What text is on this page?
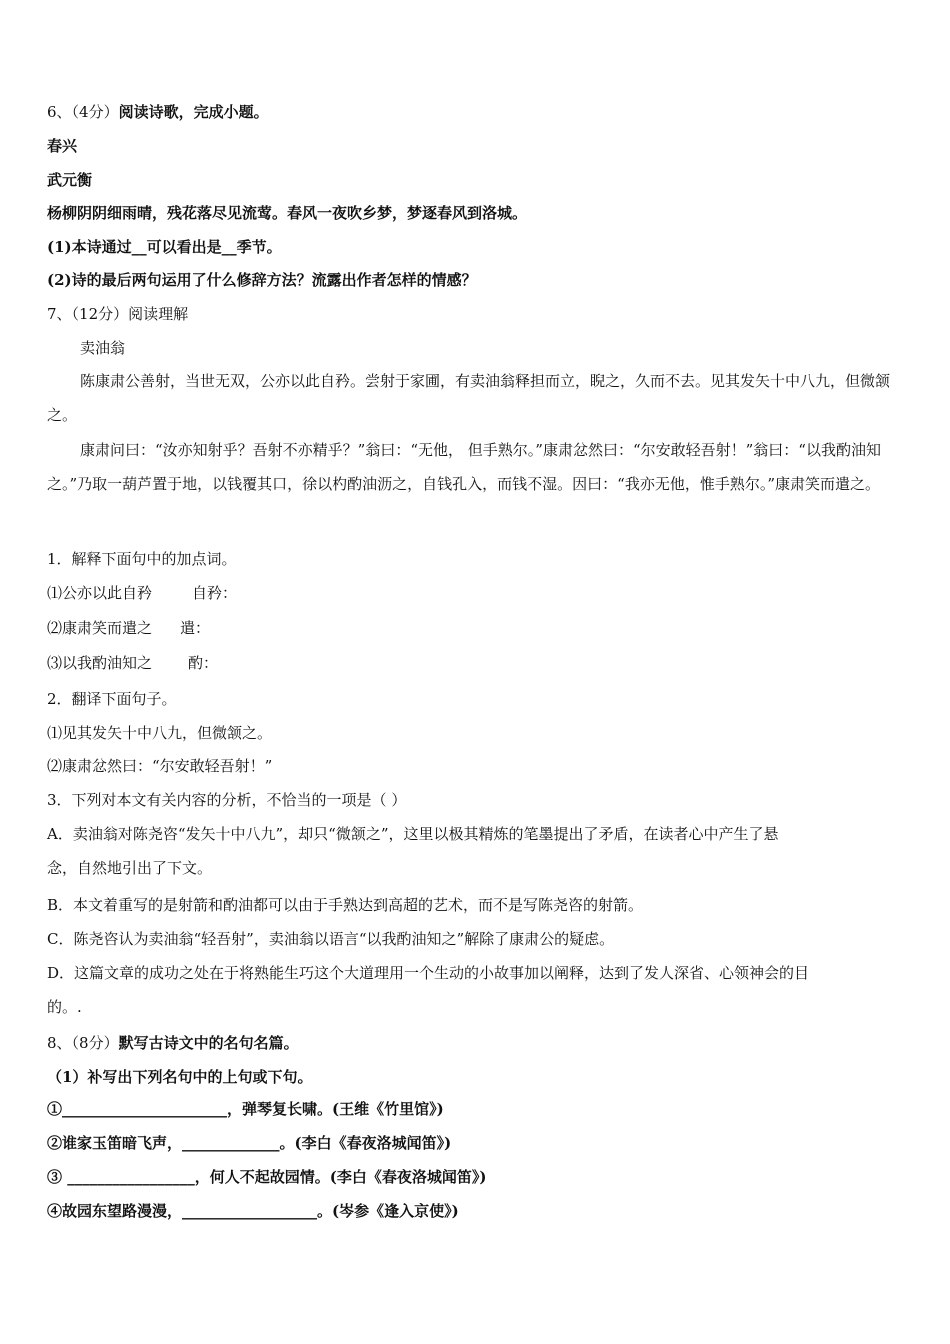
6、（4分）阅读诗歌，完成小题。
春兴
武元衡
杨柳阴阴细雨晴，残花落尽见流莺。春风一夜吹乡梦，梦逐春风到洛城。
(1)本诗通过__可以看出是__季节。
(2)诗的最后两句运用了什么修辞方法？流露出作者怎样的情感？
7、（12分）阅读理解
卖油翁
陈康肃公善射，当世无双，公亦以此自矜。尝射于家圃，有卖油翁释担而立，睨之，久而不去。见其发矢十中八九，但微颔之。
康肃问曰：“汝亦知射乎？吾射不亦精乎？”翁曰：“无他， 但手熟尔。”康肃忿然曰：“尔安敢轻吾射！”翁曰：“以我酌油知之。”乃取一葫芦置于地，以钱覆其口，徐以杓酌油沥之，自钱孔入，而钱不湿。因曰：“我亦无他，惟手熟尔。”康肃笑而遣之。
1．解释下面句中的加点词。
⑴公亦以此自矜	自矜：
⑵康肃笑而遣之 遣：
⑶以我酌油知之 酌：
2．翻译下面句子。
⑴见其发矢十中八九，但微颔之。
⑵康肃忿然曰：“尔安敢轻吾射！”
3．下列对本文有关内容的分析，不恰当的一项是（ ）
A．卖油翁对陈尧咨“发矢十中八九”，却只“微颔之”，这里以极其精炼的笔墨提出了矛盾，在读者心中产生了悬
念，自然地引出了下文。
B．本文着重写的是射箭和酌油都可以由于手熟达到高超的艺术，而不是写陈尧咨的射箭。
C．陈尧咨认为卖油翁“轻吾射”，卖油翁以语言“以我酌油知之”解除了康肃公的疑虑。
D．这篇文章的成功之处在于将熟能生巧这个大道理用一个生动的小故事加以阐释，达到了发人深省、心领神会的目
的。.
8、（8分）默写古诗文中的名句名篇。
（1）补写出下列名句中的上句或下句。
①______________________，弹琴复长啸。(王维《竹里馆》)
②谁家玉笛暗飞声，_____________。(李白《春夜洛城闻笛》)
③ _________________，何人不起故园情。(李白《春夜洛城闻笛》)
④故园东望路漫漫，__________________。(岑参《逢入京使》)
